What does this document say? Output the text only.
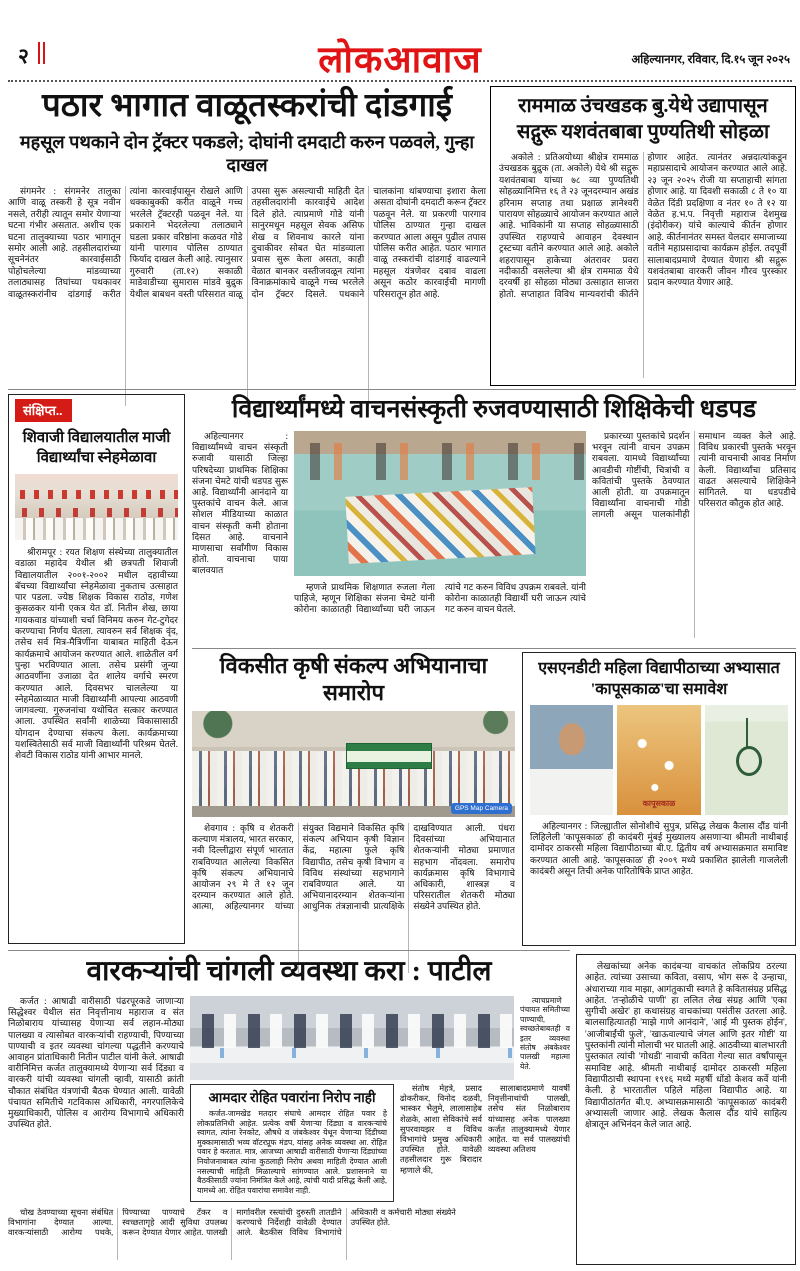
२	लोकआवाज	अहिल्यानगर, रविवार, दि.१५ जून २०२५
पठार भागात वाळूतस्करांची दांडगाई
महसूल पथकाने दोन ट्रॅक्टर पकडले; दोघांनी दमदाटी करुन पळवले, गुन्हा दाखल
संगमनेर : संगमनेर तालुका आणि वाळू तस्करी हे सूत्र नवीन नसले, तरीही त्यातून समोर येणाऱ्या घटना गंभीर असतात. अशीच एक घटना तालुक्याच्या पठार भागातून समोर आली आहे. तहसीलदारांच्या सूचनेनंतर कारवाईसाठी पोहोचलेल्या मांडव्याच्या तलाठ्यासह तिघांच्या पथकावर वाळूतस्करांनीच दांडगाई करीत त्यांना कारवाईपासून रोखले आणि धक्काबुक्की करीत वाळूने गच्च भरलेले ट्रॅक्टरही पळवून नेले. या प्रकाराने भेदरलेल्या तलाठ्याने घडला प्रकार वरिष्ठांना कळवत गोडे यांनी पारगाव पोलिस ठाण्यात फिर्याद दाखल केली आहे. त्यानुसार गुरुवारी (ता.१२) सकाळी माडेवाडीच्या सुमारास मांडवे बुद्रुक येथील बाबधन वस्ती परिसरात वाळू उपसा सुरू असल्याची माहिती देत तहसीलदारांनी कारवाईचे आदेश दिले होते. त्याप्रमाणे गोडे यांनी सानुरमधून महसूल सेवक असिफ शेख व शिवनाथ कारले यांना दुचाकीवर सोबत घेत मांडव्याला प्रवास सुरू केला असता, काही वेळात बानकर वस्तीजवळून त्यांना विनाक्रमांकाचे वाळूने गच्च भरलेले दोन ट्रॅक्टर दिसले. पथकाने चालकांना थांबण्याचा इशारा केला असता दोघांनी दमदाटी करून ट्रॅक्टर पळवून नेले. या प्रकरणी पारगाव पोलिस ठाण्यात गुन्हा दाखल करण्यात आला असून पुढील तपास पोलिस करीत आहेत. पठार भागात वाळू तस्करांची दांडगाई वाढल्याने महसूल यंत्रणेवर दबाव वाढला असून कठोर कारवाईची मागणी परिसरातून होत आहे.
राममाळ उंचखडक बु.येथे उद्यापासून सद्गुरू यशवंतबाबा पुण्यतिथी सोहळा
अकोले : प्रतिअयोध्या श्रीक्षेत्र राममाळ उंचखडक बुद्रुक (ता. अकोले) येथे श्री सद्गुरू यशवंतबाबा यांच्या ७८ व्या पुण्यतिथी सोहळ्यानिमित्त १६ ते २३ जूनदरम्यान अखंड हरिनाम सप्ताह तथा प्रक्षाळ ज्ञानेश्वरी पारायण सोहळ्याचे आयोजन करण्यात आले आहे. भाविकांनी या सप्ताह सोहळ्यासाठी उपस्थित राहण्याचे आवाहन देवस्थान ट्रस्टच्या वतीने करण्यात आले आहे. अकोले शहरापासून हाकेच्या अंतरावर प्रवरा नदीकाठी वसलेल्या श्री क्षेत्र राममाळ येथे दरवर्षी हा सोहळा मोठ्या उत्साहात साजरा होतो. सप्ताहात विविध मान्यवरांची कीर्तने होणार आहेत. त्यानंतर अन्नदात्यांकडून महाप्रसादाचे आयोजन करण्यात आले आहे. २३ जून २०२५ रोजी या सप्ताहाची सांगता होणार आहे. या दिवशी सकाळी ८ ते १० या वेळेत दिंडी प्रदक्षिणा व नंतर १० ते १२ या वेळेत ह.भ.प. निवृत्ती महाराज देशमुख (इंदोरीकर) यांचे काल्याचे कीर्तन होणार आहे. कीर्तनानंतर समस्त येलदार समाजाच्या वतीने महाप्रसादाचा कार्यक्रम होईल. तदपूर्वी सालाबादप्रमाणे देण्यात येणारा श्री सद्गुरू यशवंतबाबा वारकरी जीवन गौरव पुरस्कार प्रदान करण्यात येणार आहे.
संक्षिप्त..
शिवाजी विद्यालयातील माजी विद्यार्थ्यांचा स्नेहमेळावा
श्रीरामपूर : रयत शिक्षण संस्थेच्या तालुक्यातील वडाळा महादेव येथील श्री छत्रपती शिवाजी विद्यालयातील २००१-२००२ मधील दहावीच्या बॅचच्या विद्यार्थ्यांचा स्नेहमेळावा नुकताच उत्साहात पार पडला. ज्येष्ठ शिक्षक विकास राठोड, गणेश कुसळकर यांनी एकत्र येत डॉ. नितीन शेख, छाया गायकवाड यांच्याशी चर्चा विनिमय करुन गेट-टुगेदर करण्याचा निर्णय घेतला. त्यावरुन सर्व शिक्षक वृंद, तसेच सर्व मित्र-मैत्रिणींना याबाबत माहिती देऊन कार्यक्रमाचे आयोजन करण्यात आले. शाळेतील वर्ग पुन्हा भरविण्यात आला. तसेच प्रसंगी जुन्या आठवणींना उजाळा देत शालेय वर्गाचे स्मरण करण्यात आले. दिवसभर चाललेल्या या स्नेहमेळाव्यात माजी विद्यार्थ्यांनी आपल्या आठवणी जागवल्या. गुरुजनांचा यथोचित सत्कार करण्यात आला. उपस्थित सर्वांनी शाळेच्या विकासासाठी योगदान देण्याचा संकल्प केला. कार्यक्रमाच्या यशस्वितेसाठी सर्व माजी विद्यार्थ्यांनी परिश्रम घेतले. शेवटी विकास राठोड यांनी आभार मानले.
विद्यार्थ्यांमध्ये वाचनसंस्कृती रुजवण्यासाठी शिक्षिकेची धडपड
अहिल्यानगर : विद्यार्थ्यांमध्ये वाचन संस्कृती रुजावी यासाठी जिल्हा परिषदेच्या प्राथमिक शिक्षिका संजना चेमटे यांची धडपड सुरू आहे. विद्यार्थ्यांनी आनंदाने या पुस्तकांचे वाचन केले. आज सोशल मीडियाच्या काळात वाचन संस्कृती कमी होताना दिसत आहे. वाचनाने माणसाचा सर्वांगीण विकास होतो. वाचनाचा पाया बालवयात
म्हणजे प्राथमिक शिक्षणात रुजला गेला पाहिजे, म्हणून शिक्षिका संजना चेमटे यांनी कोरोना काळातही विद्यार्थ्यांच्या घरी जाऊन त्यांचे गट करुन विविध उपक्रम राबवले. यांनी कोरोना काळातही विद्यार्थी घरी जाऊन त्यांचे गट करुन वाचन घेतले.
प्रकारच्या पुस्तकांचे प्रदर्शन भरवून त्यांनी वाचन उपक्रम राबवला. यामध्ये विद्यार्थ्यांच्या आवडीची गोष्टींची, चित्रांची व कवितांची पुस्तके ठेवण्यात आली होती. या उपक्रमातून विद्यार्थ्यांना वाचनाची गोडी लागली असून पालकांनीही समाधान व्यक्त केले आहे. विविध प्रकारची पुस्तके भरवून त्यांनी वाचनाची आवड निर्माण केली. विद्यार्थ्यांचा प्रतिसाद वाढत असल्याचे शिक्षिकेने सांगितले. या धडपडीचे परिसरात कौतुक होत आहे.
विकसीत कृषी संकल्प अभियानाचा समारोप
GPS Map Camera
शेवगाव : कृषि व शेतकरी कल्याण मंत्रालय, भारत सरकार, नवी दिल्लीद्वारा संपूर्ण भारतात राबविण्यात आलेल्या विकसित कृषि संकल्प अभियानाचे आयोजन २९ मे ते १२ जून दरम्यान करण्यात आले होते. आत्मा, अहिल्यानगर यांच्या संयुक्त विद्यमाने विकसित कृषि संकल्प अभियान कृषी विज्ञान केंद्र, महात्मा फुले कृषि विद्यापीठ, तसेच कृषी विभाग व विविध संस्थांच्या सहभागाने राबविण्यात आले. या अभियानादरम्यान शेतकऱ्यांना आधुनिक तंत्रज्ञानाची प्रात्यक्षिके दाखविण्यात आली. पंधरा दिवसांच्या अभियानात शेतकऱ्यांनी मोठ्या प्रमाणात सहभाग नोंदवला. समारोप कार्यक्रमास कृषि विभागाचे अधिकारी, शास्त्रज्ञ व परिसरातील शेतकरी मोठ्या संख्येने उपस्थित होते.
एसएनडीटी महिला विद्यापीठाच्या अभ्यासात 'कापूसकाळ'चा समावेश
कापूसकाळ
अहिल्यानगर : जिल्ह्यातील सोनोशीचे सुपुत्र, प्रसिद्ध लेखक कैलास दौंड यांनी लिहिलेली 'कापूसकाळ' ही कादंबरी मुंबई मुख्यालय असणाऱ्या श्रीमती नाथीबाई दामोदर ठाकरसी महिला विद्यापीठाच्या बी.ए. द्वितीय वर्ष अभ्यासक्रमात समाविष्ट करण्यात आली आहे. 'कापूसकाळ' ही २००९ मध्ये प्रकाशित झालेली गाजलेली कादंबरी असून तिची अनेक पारितोषिके प्राप्त आहेत.
लेखकांच्या अनेक कादंबऱ्या वाचकांत लोकप्रिय ठरल्या आहेत. त्यांच्या उसाच्या कविता, वसाप, भोग सरू दे उन्हाचा, अंधाराच्या गाव माझा, आगंतुकाची स्वगते हे कवितासंग्रह प्रसिद्ध आहेत. 'तऱ्होळीचे पाणी' हा ललित लेख संग्रह आणि 'एका सुगीची अखेर' हा कथासंग्रह वाचकांच्या पसंतीस उतरला आहे. बालसाहित्यातही 'माझे गाणे आनंदाने', 'आई मी पुस्तक होईन', 'आजीबाईंची फुले', 'खाऊवाल्याचे जंगल आणि इतर गोष्टी' या पुस्तकांनी त्यांनी मोलाची भर घातली आहे. आठवीच्या बालभारती पुस्तकात त्यांची 'गोधडी' नावाची कविता गेल्या सात वर्षांपासून समाविष्ट आहे. श्रीमती नाथीबाई दामोदर ठाकरसी महिला विद्यापीठाची स्थापना १९१६ मध्ये महर्षी धोंडो केशव कर्वे यांनी केली. हे भारतातील पहिले महिला विद्यापीठ आहे. या विद्यापीठांतर्गत बी.ए. अभ्यासक्रमासाठी 'कापूसकाळ' कादंबरी अभ्यासली जाणार आहे. लेखक कैलास दौंड यांचे साहित्य क्षेत्रातून अभिनंदन केले जात आहे.
वारकऱ्यांची चांगली व्यवस्था करा : पाटील
कर्जत : आषाढी वारीसाठी पंढरपूरकडे जाणाऱ्या सिद्धेश्वर येथील संत निवृत्तीनाथ महाराज व संत निळोबाराय यांच्यासह येणाऱ्या सर्व लहान-मोठ्या पालख्या व त्यासोबत वारकऱ्यांची राहण्याची, पिण्याच्या पाण्याची व इतर व्यवस्था चांगल्या पद्धतीने करण्याचे आवाहन प्रांताधिकारी नितीन पाटील यांनी केले. आषाढी वारीनिमित्त कर्जत तालुक्यामध्ये येणाऱ्या सर्व दिंड्या व वारकरी यांची व्यवस्था चांगली व्हावी, यासाठी क्रांती चौकात संबंधित यंत्रणांची बैठक घेण्यात आली. यावेळी पंचायत समितीचे गटविकास अधिकारी, नगरपालिकेचे मुख्याधिकारी, पोलिस व आरोग्य विभागाचे अधिकारी उपस्थित होते.
त्याचप्रमाणे पंचायत समितीच्या पाण्याची, स्वच्छतेबाबतही व इतर व्यवस्था संतोष अंबकेश्वर पालखी महात्मा येते.
आमदार रोहित पवारांना निरोप नाही
कर्जत-जामखेड मतदार संघाचे आमदार रोहित पवार हे लोकप्रतिनिधी आहेत. प्रत्येक वर्षी येणाऱ्या दिंड्या व वारकऱ्यांचे स्वागत, त्यांना रेनकोट, औषधे व जंबकेश्वर येथून येणाऱ्या दिंडीच्या मुक्कामासाठी भव्य वॉटरप्रूफ मंडप, यांसह अनेक व्यवस्था आ. रोहित पवार हे करतात. मात्र, आजच्या आषाढी वारीसाठी येणाऱ्या दिंड्यांच्या नियोजनाबाबत त्यांना कुठलाही निरोप अथवा माहिती देण्यात आली नसल्याची माहिती मिळाल्याचे सांगण्यात आले. प्रशासनाने या बैठकीसाठी ज्यांना निमंत्रित केले आहे, त्यांची यादी प्रसिद्ध केली आहे, यामध्ये आ. रोहित पवारांचा समावेश नाही.
संतोष मेहत्रे, प्रसाद ढोकरीकर, विनोद दळवी, भास्कर भैलुमे, लालासाहेब शेळके, आशा सेविकांचे सर्व सुपरवायझर व विविध विभागांचे प्रमुख अधिकारी उपस्थित होते. यावेळी तहसीलदार गुरू बिरादार म्हणाले की,
सालाबादप्रमाणे यावर्षी निवृत्तीनाथांची पालखी, तसेच संत निळोबाराय यांच्यासह अनेक पालख्या कर्जत तालुक्यामध्ये येणार आहेत. या सर्व पालख्यांची व्यवस्था अतिशय
चोख ठेवण्याच्या सूचना संबंधित विभागांना देण्यात आल्या. वारकऱ्यांसाठी आरोग्य पथके, पिण्याच्या पाण्याचे टँकर व स्वच्छतागृहे आदी सुविधा उपलब्ध करून देण्यात येणार आहेत. पालखी मार्गावरील रस्त्यांची दुरुस्ती तातडीने करण्याचे निर्देशही यावेळी देण्यात आले. बैठकीस विविध विभागांचे अधिकारी व कर्मचारी मोठ्या संख्येने उपस्थित होते.
